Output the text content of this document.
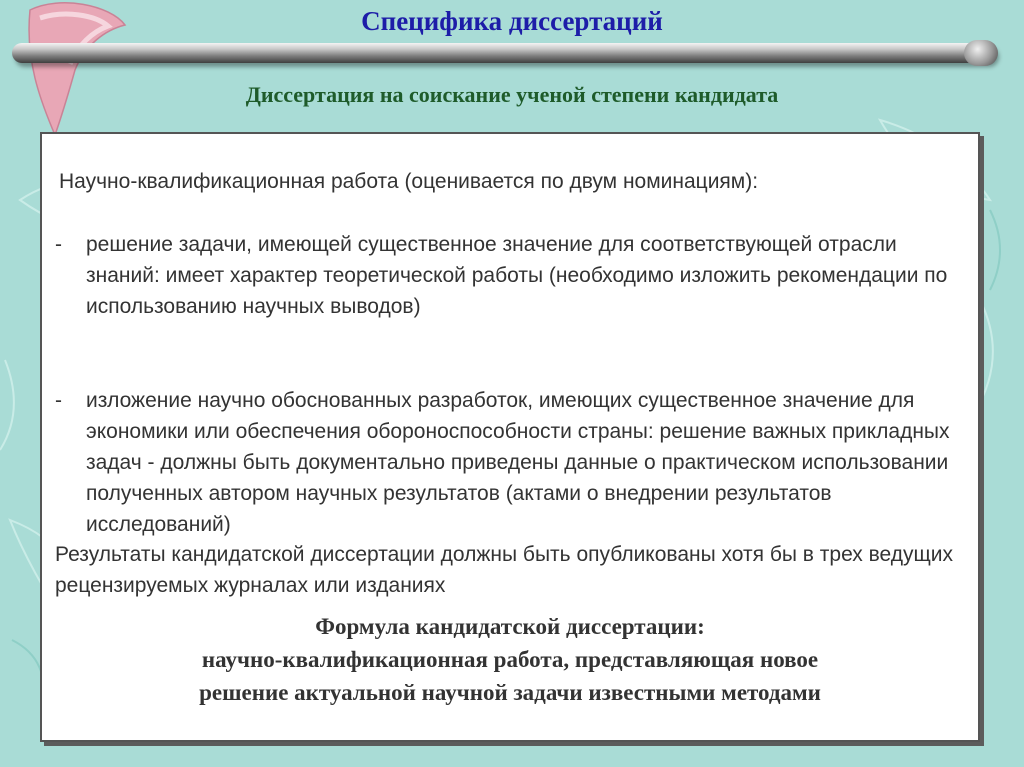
Специфика диссертаций
Диссертация на соискание ученой степени кандидата

Научно-квалификационная работа (оценивается по двум номинациям):

- решение задачи, имеющей существенное значение для соответствующей отрасли знаний: имеет характер теоретической работы (необходимо изложить рекомендации по использованию научных выводов)
- изложение научно обоснованных разработок, имеющих существенное значение для экономики или обеспечения обороноспособности страны: решение важных прикладных задач - должны быть документально приведены данные о практическом использовании полученных автором научных результатов (актами о внедрении результатов исследований)

Результаты кандидатской диссертации должны быть опубликованы хотя бы в трех ведущих рецензируемых журналах или изданиях

Формула кандидатской диссертации:
научно-квалификационная работа, представляющая новое
решение актуальной научной задачи известными методами
